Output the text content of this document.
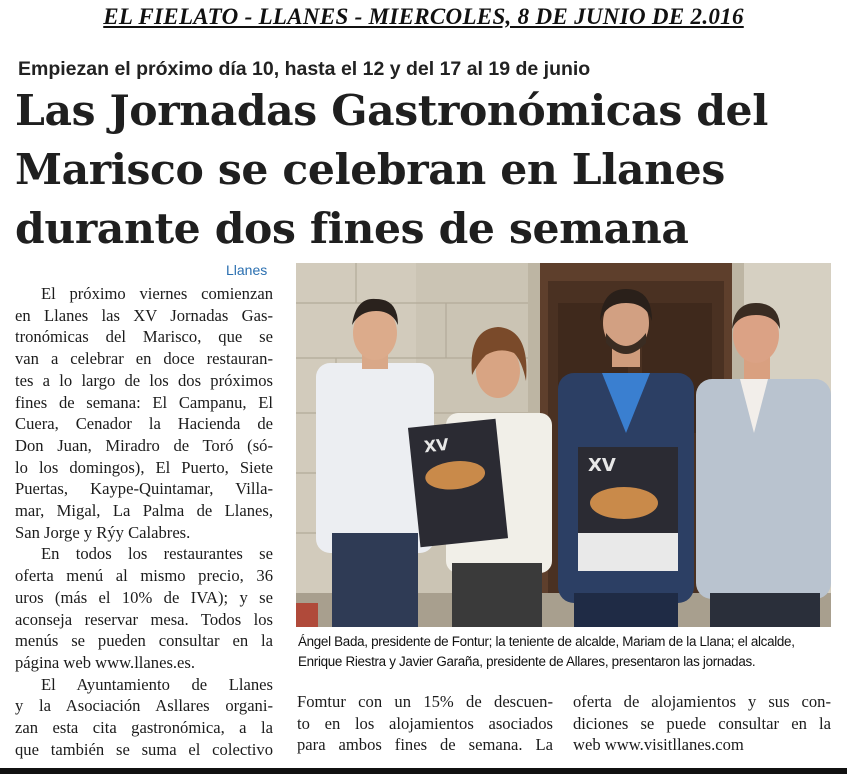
EL FIELATO - LLANES - MIERCOLES, 8 DE JUNIO DE 2.016
Empiezan el próximo día 10, hasta el 12 y del 17 al 19 de junio
Las Jornadas Gastronómicas del
Marisco se celebran en Llanes
durante dos fines de semana
Llanes
El próximo viernes comienzan
en Llanes las XV Jornadas Gas-
tronómicas del Marisco, que se
van a celebrar en doce restauran-
tes a lo largo de los dos próximos
fines de semana: El Campanu, El
Cuera, Cenador la Hacienda de
Don Juan, Miradro de Toró (só-
lo los domingos), El Puerto, Siete
Puertas, Kaype-Quintamar, Villa-
mar, Migal, La Palma de Llanes,
San Jorge y Rýy Calabres.
En todos los restaurantes se
oferta menú al mismo precio, 36
uros (más el 10% de IVA); y se
aconseja reservar mesa. Todos los
menús se pueden consultar en la
página web www.llanes.es.
El Ayuntamiento de Llanes
y la Asociación Asllares organi-
zan esta cita gastronómica, a la
que también se suma el colectivo
XV
XV
Ángel Bada, presidente de Fontur; la teniente de alcalde, Mariam de la Llana; el alcalde,
Enrique Riestra y Javier Garaña, presidente de Allares, presentaron las jornadas.
Fomtur con un 15% de descuen-
to en los alojamientos asociados
para ambos fines de semana. La
oferta de alojamientos y sus con-
diciones se puede consultar en la
web www.visitllanes.com
